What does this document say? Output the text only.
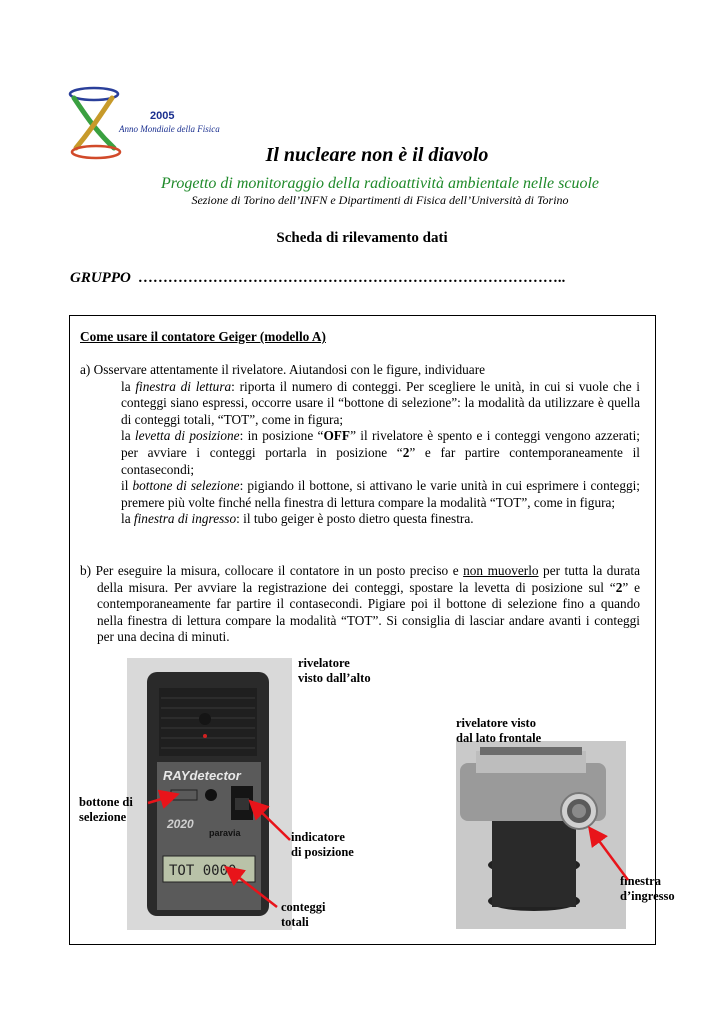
2005
Anno Mondiale della Fisica
Il nucleare non è il diavolo
Progetto di monitoraggio della radioattività ambientale nelle scuole
Sezione di Torino dell’INFN e Dipartimenti di Fisica dell’Università di Torino
Scheda di rilevamento dati
GRUPPO …………………………………………………………………………..
Come usare il contatore Geiger (modello A)
a) Osservare attentamente il rivelatore. Aiutandosi con le figure, individuare
la finestra di lettura: riporta il numero di conteggi. Per scegliere le unità, in cui si vuole che i conteggi siano espressi, occorre usare il “bottone di selezione”: la modalità da utilizzare è quella di conteggi totali, “TOT”, come in figura;
la levetta di posizione: in posizione “OFF” il rivelatore è spento e i conteggi vengono azzerati; per avviare i conteggi portarla in posizione “2” e far partire contemporaneamente il contasecondi;
il bottone di selezione: pigiando il bottone, si attivano le varie unità in cui esprimere i conteggi; premere più volte finché nella finestra di lettura compare la modalità “TOT”, come in figura;
la finestra di ingresso: il tubo geiger è posto dietro questa finestra.
b) Per eseguire la misura, collocare il contatore in un posto preciso e non muoverlo per tutta la durata della misura. Per avviare la registrazione dei conteggi, spostare la levetta di posizione sul “2” e contemporaneamente far partire il contasecondi. Pigiare poi il bottone di selezione fino a quando nella finestra di lettura compare la modalità “TOT”. Si consiglia di lasciar andare avanti i conteggi per una decina di minuti.
RAYdetector
2020
paravia
TOT 0000
rivelatore
visto dall’alto
rivelatore visto
dal lato frontale
bottone di
selezione
indicatore
di posizione
conteggi
totali
finestra
d’ingresso
